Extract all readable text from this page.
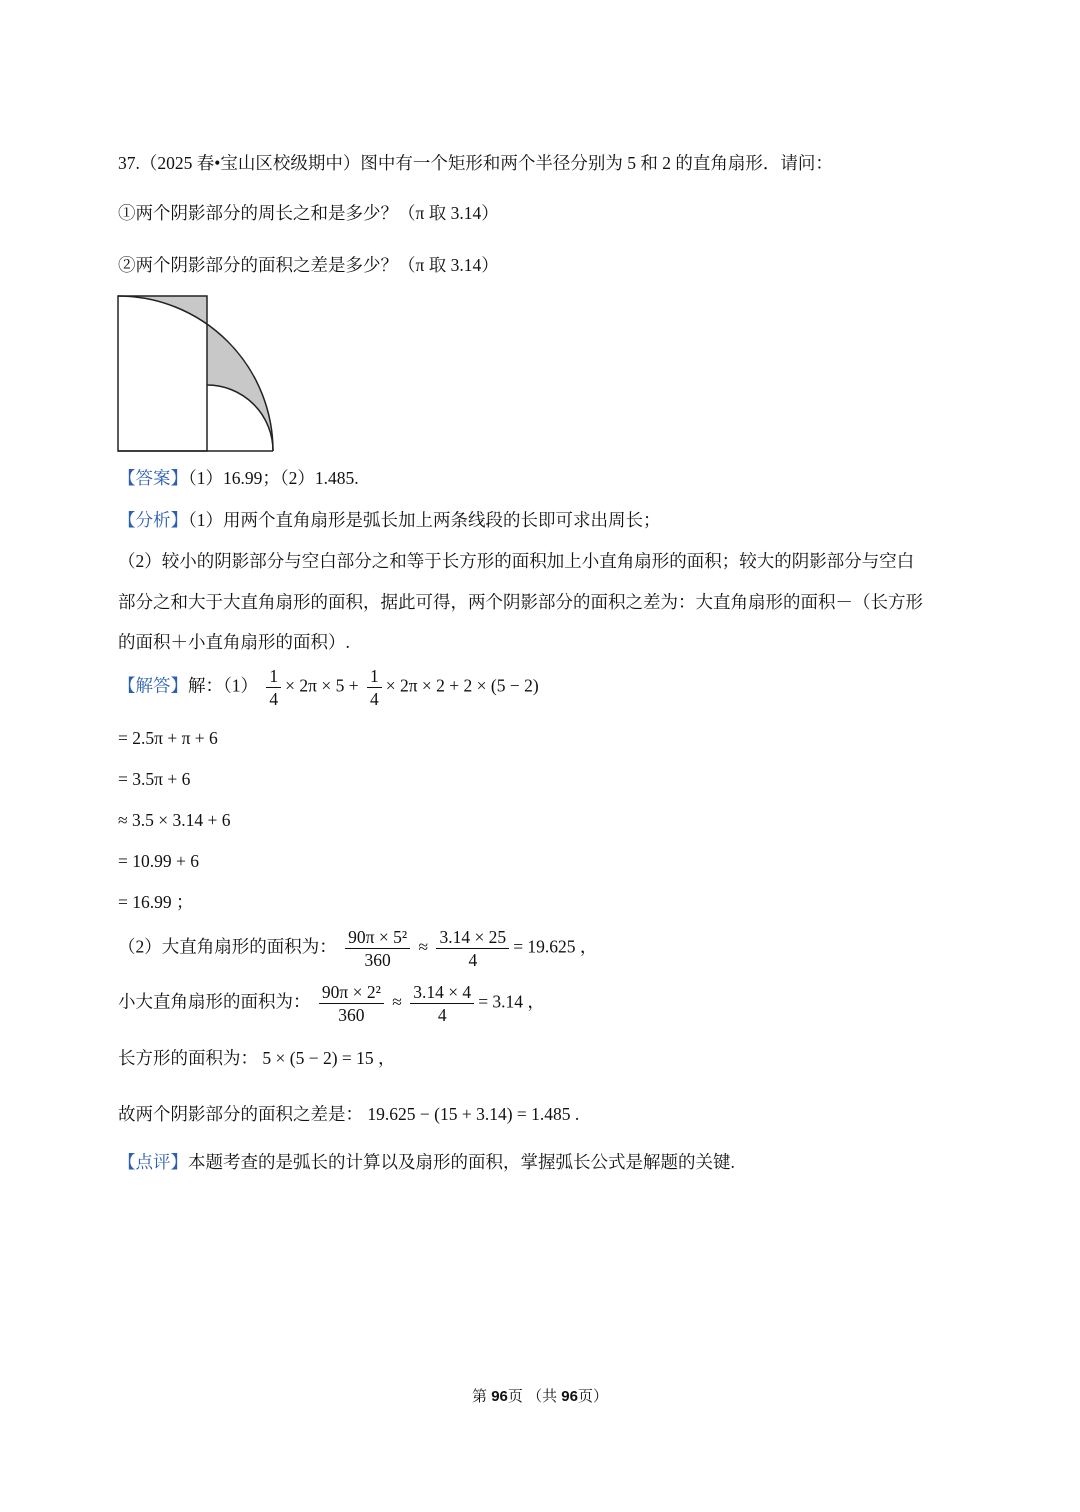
37.（2025 春•宝山区校级期中）图中有一个矩形和两个半径分别为 5 和 2 的直角扇形．请问：
①两个阴影部分的周长之和是多少？（π 取 3.14）
②两个阴影部分的面积之差是多少？（π 取 3.14）
【答案】（1）16.99；（2）1.485.
【分析】（1）用两个直角扇形是弧长加上两条线段的长即可求出周长；
（2）较小的阴影部分与空白部分之和等于长方形的面积加上小直角扇形的面积；较大的阴影部分与空白
部分之和大于大直角扇形的面积，据此可得，两个阴影部分的面积之差为：大直角扇形的面积－（长方形
的面积＋小直角扇形的面积）.
【解答】解：$(1) \frac{1}{4} \times 2\pi \times 5 + \frac{1}{4} \times 2\pi \times 2 + 2 \times (5 - 2)$
= 2.5π + π + 6
= 3.5π + 6
≈ 3.5 × 3.14 + 6
= 10.99 + 6
= 16.99 ；
（2）大直角扇形的面积为： $\frac{\text{90π × 5²}}{360} \approx \frac{3.14 \times 25}{4} = 19.625$ ，
小大直角扇形的面积为： $\frac{\text{90π × 2²}}{360} \approx \frac{3.14 \times 4}{4} = 3.14$ ，
长方形的面积为： 5 × (5 − 2) = 15 ，
故两个阴影部分的面积之差是： 19.625 − (15 + 3.14) = 1.485 .
【点评】本题考查的是弧长的计算以及扇形的面积，掌握弧长公式是解题的关键.
第 96页 （共 96页）
